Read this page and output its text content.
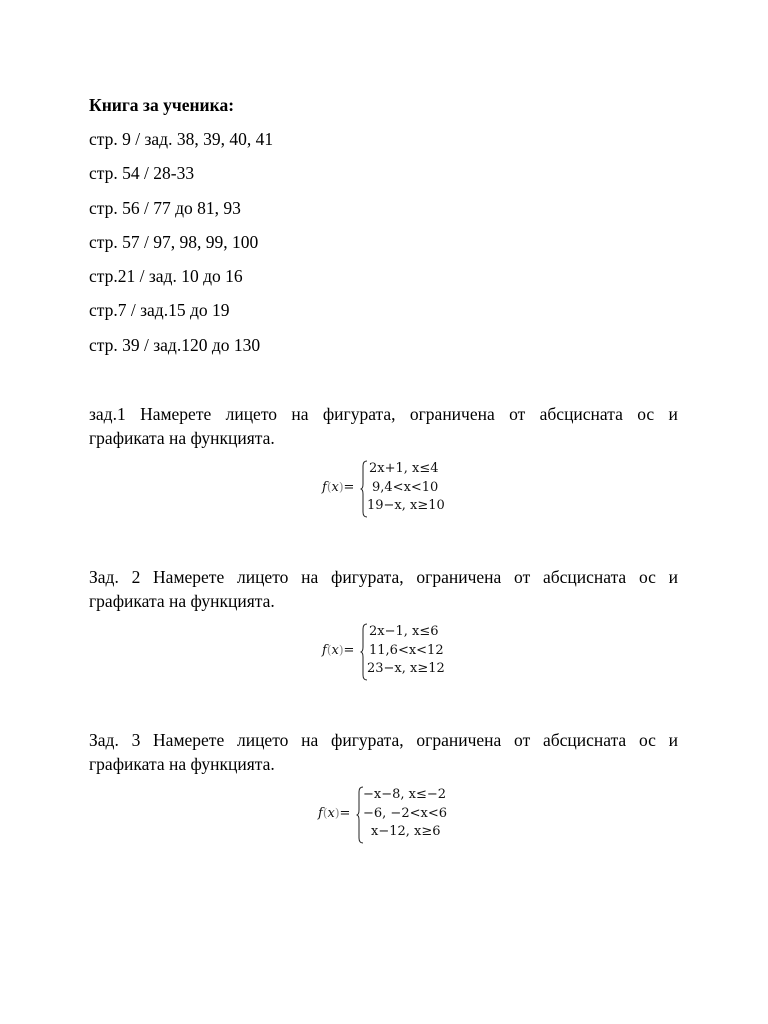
Книга за ученика:
стр. 9 / зад. 38, 39, 40, 41
стр. 54 / 28-33
стр. 56 / 77 до 81, 93
стр. 57 / 97, 98, 99, 100
стр.21 / зад. 10 до 16
стр.7 / зад.15 до 19
стр. 39 / зад.120 до 130
зад.1 Намерете лицето на фигурата, ограничена от абсцисната ос и
графиката на функцията.
f(x)=
2x+1, x≤4
9,4<x<10
19−x, x≥10
Зад. 2 Намерете лицето на фигурата, ограничена от абсцисната ос и
графиката на функцията.
f(x)=
2x−1, x≤6
11,6<x<12
23−x, x≥12
Зад. 3 Намерете лицето на фигурата, ограничена от абсцисната ос и
графиката на функцията.
f(x)=
−x−8, x≤−2
−6, −2<x<6
x−12, x≥6
